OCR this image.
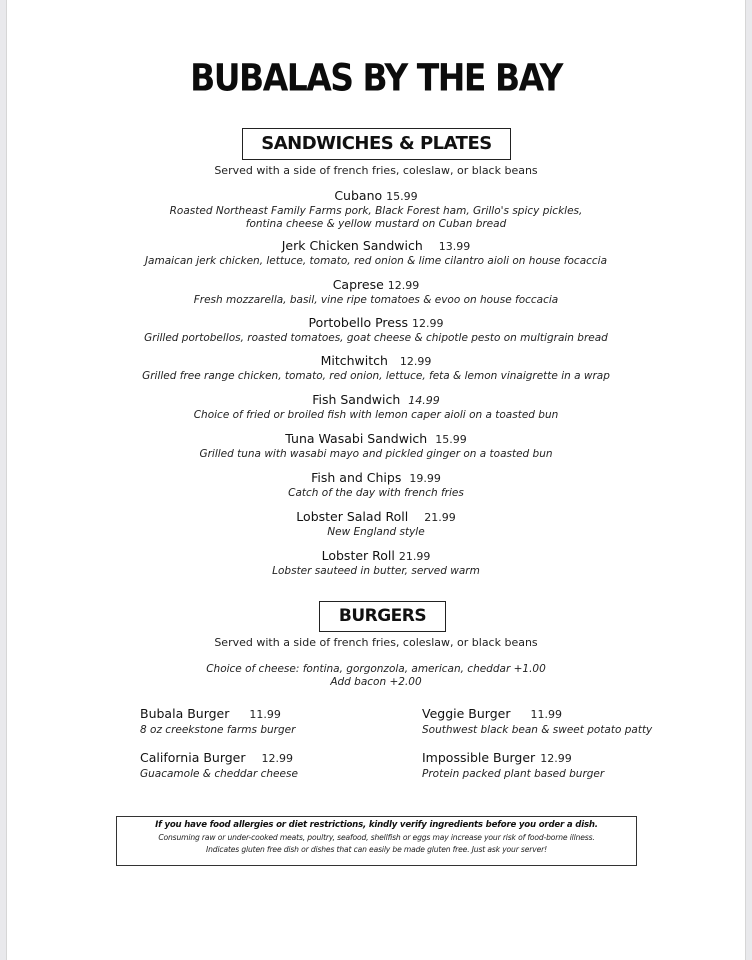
BUBALAS BY THE BAY
SANDWICHES & PLATES
Served with a side of french fries, coleslaw, or black beans
Cubano 15.99
Roasted Northeast Family Farms pork, Black Forest ham, Grillo's spicy pickles,
fontina cheese & yellow mustard on Cuban bread
Jerk Chicken Sandwich 13.99
Jamaican jerk chicken, lettuce, tomato, red onion & lime cilantro aioli on house focaccia
Caprese 12.99
Fresh mozzarella, basil, vine ripe tomatoes & evoo on house foccacia
Portobello Press 12.99
Grilled portobellos, roasted tomatoes, goat cheese & chipotle pesto on multigrain bread
Mitchwitch 12.99
Grilled free range chicken, tomato, red onion, lettuce, feta & lemon vinaigrette in a wrap
Fish Sandwich 14.99
Choice of fried or broiled fish with lemon caper aioli on a toasted bun
Tuna Wasabi Sandwich 15.99
Grilled tuna with wasabi mayo and pickled ginger on a toasted bun
Fish and Chips 19.99
Catch of the day with french fries
Lobster Salad Roll 21.99
New England style
Lobster Roll 21.99
Lobster sauteed in butter, served warm
BURGERS
Served with a side of french fries, coleslaw, or black beans
Choice of cheese: fontina, gorgonzola, american, cheddar +1.00
Add bacon +2.00
Bubala Burger 11.99
8 oz creekstone farms burger
Veggie Burger 11.99
Southwest black bean & sweet potato patty
California Burger 12.99
Guacamole & cheddar cheese
Impossible Burger 12.99
Protein packed plant based burger
If you have food allergies or diet restrictions, kindly verify ingredients before you order a dish.
Consuming raw or under-cooked meats, poultry, seafood, shellfish or eggs may increase your risk of food-borne illness.
Indicates gluten free dish or dishes that can easily be made gluten free. Just ask your server!
